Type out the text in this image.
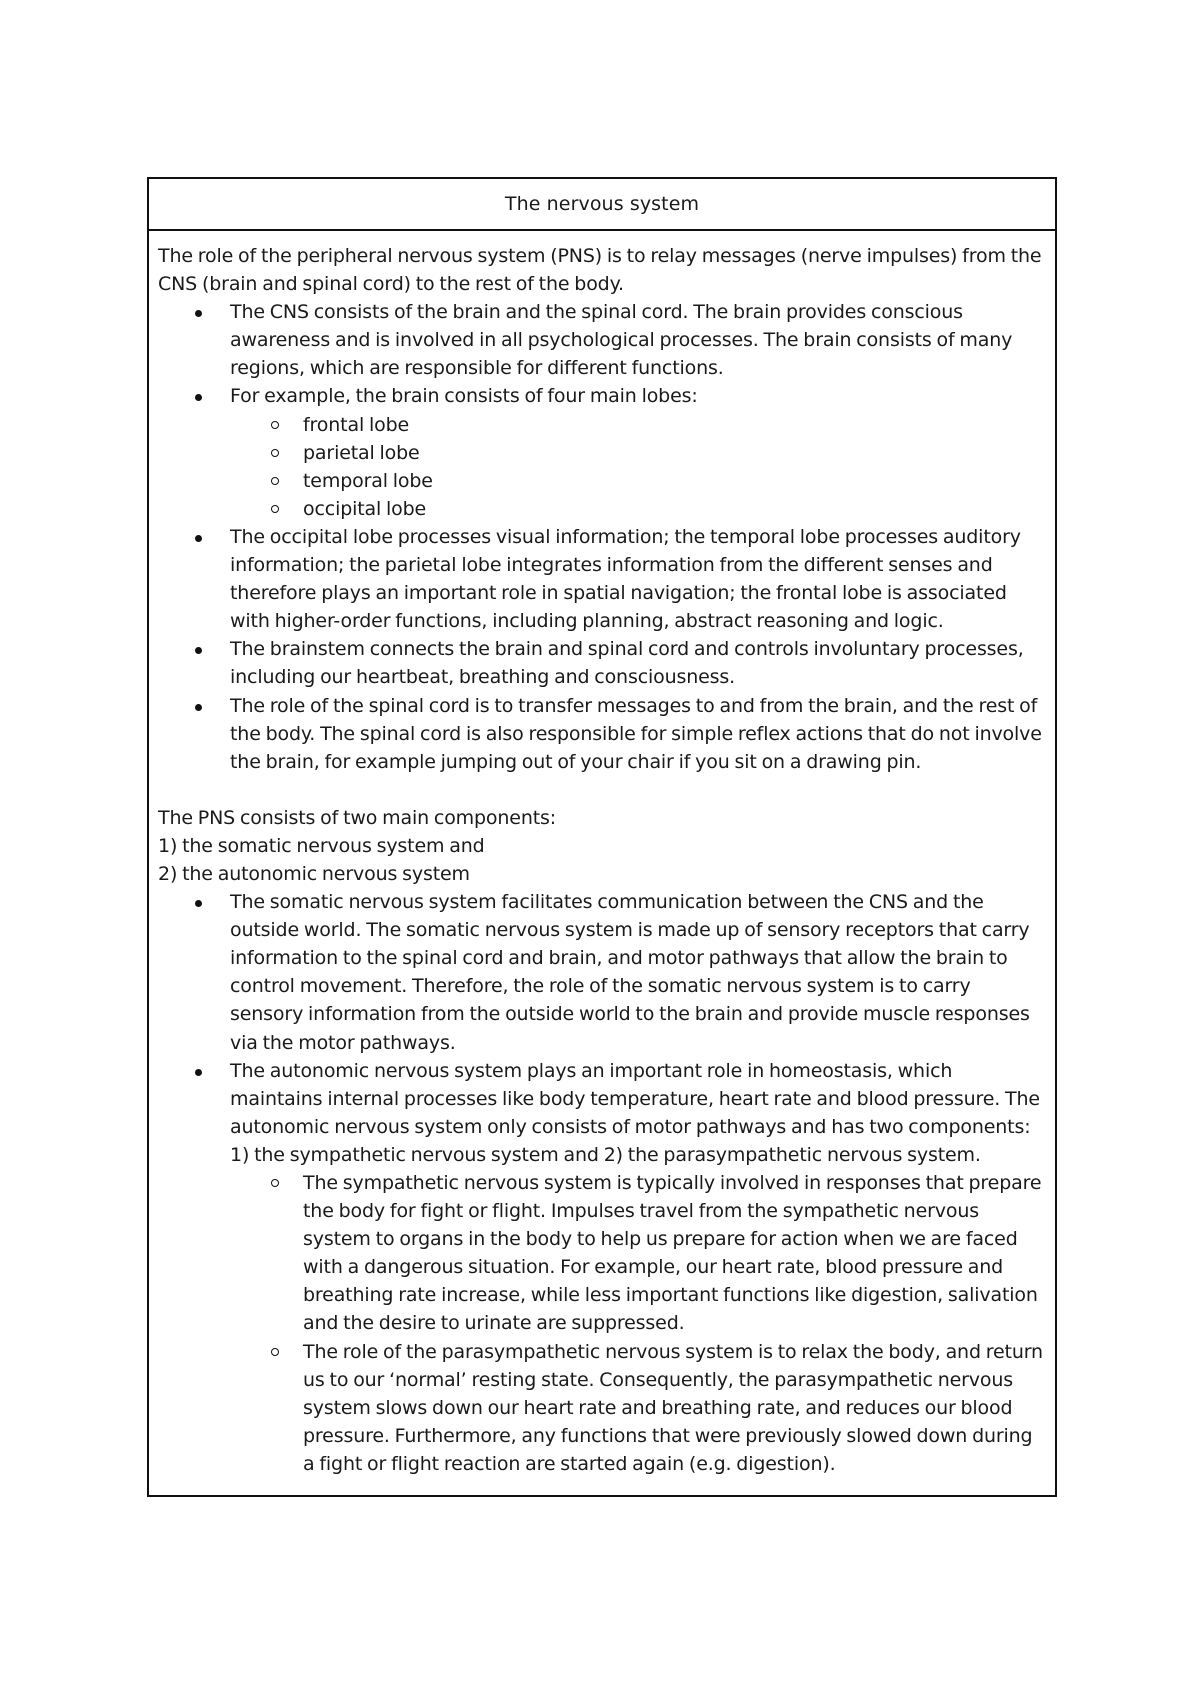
The nervous system

The role of the peripheral nervous system (PNS) is to relay messages (nerve impulses) from the CNS (brain and spinal cord) to the rest of the body.

The CNS consists of the brain and the spinal cord. The brain provides conscious awareness and is involved in all psychological processes. The brain consists of many regions, which are responsible for different functions.
For example, the brain consists of four main lobes:
frontal lobe
parietal lobe
temporal lobe
occipital lobe
The occipital lobe processes visual information; the temporal lobe processes auditory information; the parietal lobe integrates information from the different senses and therefore plays an important role in spatial navigation; the frontal lobe is associated with higher-order functions, including planning, abstract reasoning and logic.
The brainstem connects the brain and spinal cord and controls involuntary processes, including our heartbeat, breathing and consciousness.
The role of the spinal cord is to transfer messages to and from the brain, and the rest of the body. The spinal cord is also responsible for simple reflex actions that do not involve the brain, for example jumping out of your chair if you sit on a drawing pin.

The PNS consists of two main components:

1) the somatic nervous system and

2) the autonomic nervous system

The somatic nervous system facilitates communication between the CNS and the outside world. The somatic nervous system is made up of sensory receptors that carry information to the spinal cord and brain, and motor pathways that allow the brain to control movement. Therefore, the role of the somatic nervous system is to carry sensory information from the outside world to the brain and provide muscle responses via the motor pathways.
The autonomic nervous system plays an important role in homeostasis, which maintains internal processes like body temperature, heart rate and blood pressure. The autonomic nervous system only consists of motor pathways and has two components: 1) the sympathetic nervous system and 2) the parasympathetic nervous system.
The sympathetic nervous system is typically involved in responses that prepare the body for fight or flight. Impulses travel from the sympathetic nervous system to organs in the body to help us prepare for action when we are faced with a dangerous situation. For example, our heart rate, blood pressure and breathing rate increase, while less important functions like digestion, salivation and the desire to urinate are suppressed.
The role of the parasympathetic nervous system is to relax the body, and return us to our ‘normal’ resting state. Consequently, the parasympathetic nervous system slows down our heart rate and breathing rate, and reduces our blood pressure. Furthermore, any functions that were previously slowed down during a fight or flight reaction are started again (e.g. digestion).
